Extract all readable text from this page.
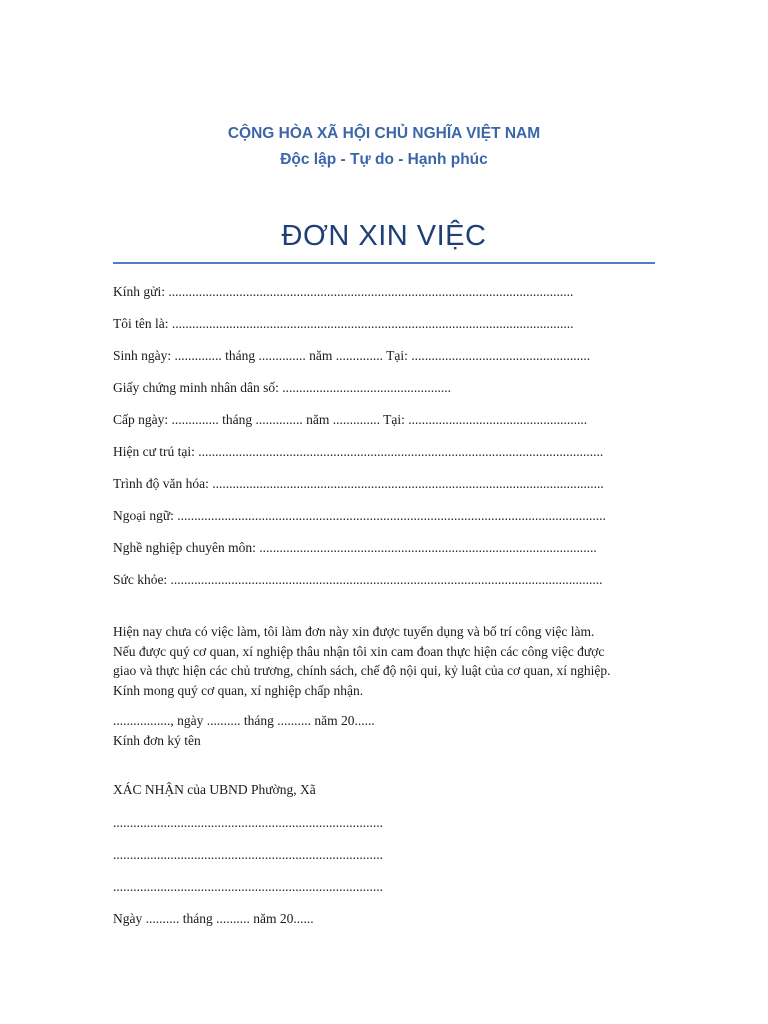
CỘNG HÒA XÃ HỘI CHỦ NGHĨA VIỆT NAM
Độc lập - Tự do - Hạnh phúc
ĐƠN XIN VIỆC
Kính gửi: ........................................................................................................................
Tôi tên là: .......................................................................................................................
Sinh ngày: .............. tháng .............. năm .............. Tại: .....................................................
Giấy chứng minh nhân dân số: ..................................................
Cấp ngày: .............. tháng .............. năm .............. Tại: .....................................................
Hiện cư trú tại: ........................................................................................................................
Trình độ văn hóa: ....................................................................................................................
Ngoại ngữ: ...............................................................................................................................
Nghề nghiệp chuyên môn: ....................................................................................................
Sức khỏe: ................................................................................................................................
Hiện nay chưa có việc làm, tôi làm đơn này xin được tuyển dụng và bố trí công việc làm.
Nếu được quý cơ quan, xí nghiệp thâu nhận tôi xin cam đoan thực hiện các công việc được
giao và thực hiện các chủ trương, chính sách, chế độ nội qui, kỷ luật của cơ quan, xí nghiệp.
Kính mong quý cơ quan, xí nghiệp chấp nhận.
................., ngày .......... tháng .......... năm 20......
Kính đơn ký tên
XÁC NHẬN của UBND Phường, Xã
................................................................................
................................................................................
................................................................................
Ngày .......... tháng .......... năm 20......
